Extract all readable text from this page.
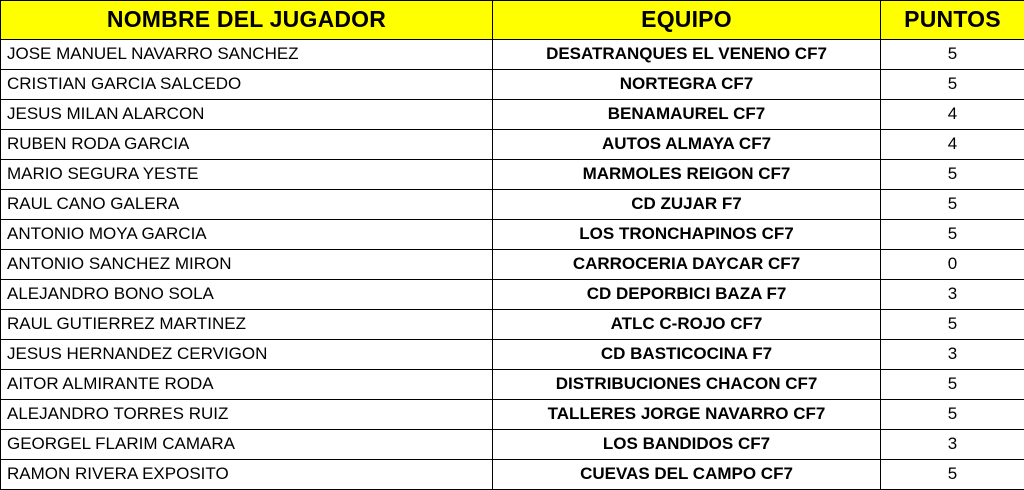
NOMBRE DEL JUGADOR	EQUIPO	PUNTOS
JOSE MANUEL NAVARRO SANCHEZ	DESATRANQUES EL VENENO CF7	5
CRISTIAN GARCIA SALCEDO	NORTEGRA CF7	5
JESUS MILAN ALARCON	BENAMAUREL CF7	4
RUBEN RODA GARCIA	AUTOS ALMAYA CF7	4
MARIO SEGURA YESTE	MARMOLES REIGON CF7	5
RAUL CANO GALERA	CD ZUJAR F7	5
ANTONIO MOYA GARCIA	LOS TRONCHAPINOS CF7	5
ANTONIO SANCHEZ MIRON	CARROCERIA DAYCAR CF7	0
ALEJANDRO BONO SOLA	CD DEPORBICI BAZA F7	3
RAUL GUTIERREZ MARTINEZ	ATLC C-ROJO CF7	5
JESUS HERNANDEZ CERVIGON	CD BASTICOCINA F7	3
AITOR ALMIRANTE RODA	DISTRIBUCIONES CHACON CF7	5
ALEJANDRO TORRES RUIZ	TALLERES JORGE NAVARRO CF7	5
GEORGEL FLARIM CAMARA	LOS BANDIDOS CF7	3
RAMON RIVERA EXPOSITO	CUEVAS DEL CAMPO CF7	5
